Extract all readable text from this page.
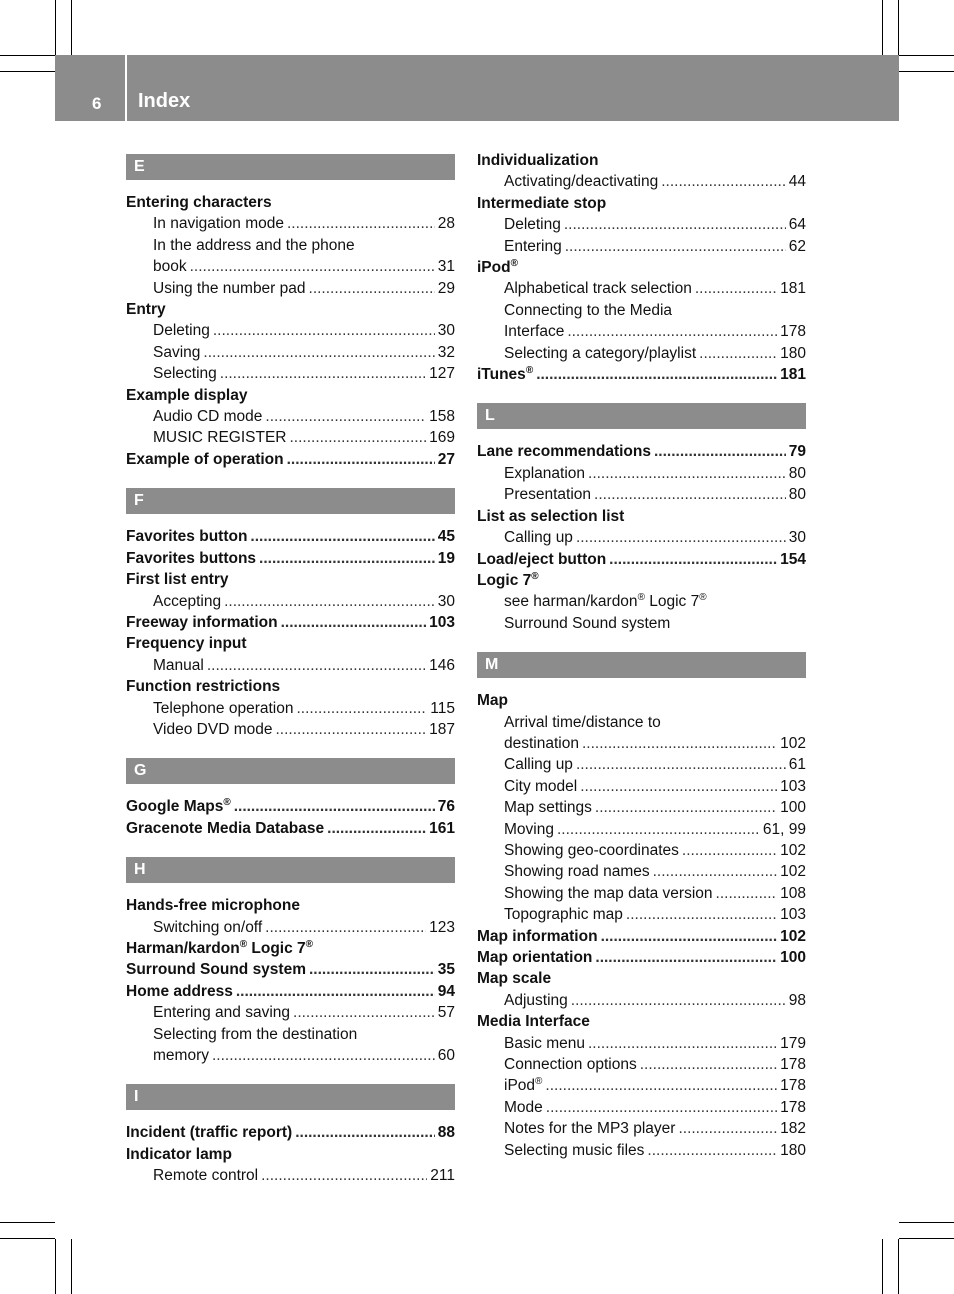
6 Index
E
Entering characters
In navigation mode .....	28
In the address and the phone
book .....	31
Using the number pad .....	29
Entry
Deleting .....	30
Saving .....	32
Selecting .....	127
Example display
Audio CD mode .....	158
MUSIC REGISTER .....	169
Example of operation .....	27
F
Favorites button .....	45
Favorites buttons .....	19
First list entry
Accepting .....	30
Freeway information .....	103
Frequency input
Manual .....	146
Function restrictions
Telephone operation .....	115
Video DVD mode .....	187
G
Google Maps® .....	76
Gracenote Media Database .....	161
H
Hands-free microphone
Switching on/off .....	123
Harman/kardon® Logic 7®
Surround Sound system .....	35
Home address .....	94
Entering and saving .....	57
Selecting from the destination
memory .....	60
I
Incident (traffic report) .....	88
Indicator lamp
Remote control .....	211
Individualization
Activating/deactivating .....	44
Intermediate stop
Deleting .....	64
Entering .....	62
iPod®
Alphabetical track selection .....	181
Connecting to the Media
Interface .....	178
Selecting a category/playlist .....	180
iTunes® .....	181
L
Lane recommendations .....	79
Explanation .....	80
Presentation .....	80
List as selection list
Calling up .....	30
Load/eject button .....	154
Logic 7®
see harman/kardon® Logic 7®
Surround Sound system
M
Map
Arrival time/distance to
destination .....	102
Calling up .....	61
City model .....	103
Map settings .....	100
Moving .....	61, 99
Showing geo-coordinates .....	102
Showing road names .....	102
Showing the map data version .....	108
Topographic map .....	103
Map information .....	102
Map orientation .....	100
Map scale
Adjusting .....	98
Media Interface
Basic menu .....	179
Connection options .....	178
iPod® .....	178
Mode .....	178
Notes for the MP3 player .....	182
Selecting music files .....	180
